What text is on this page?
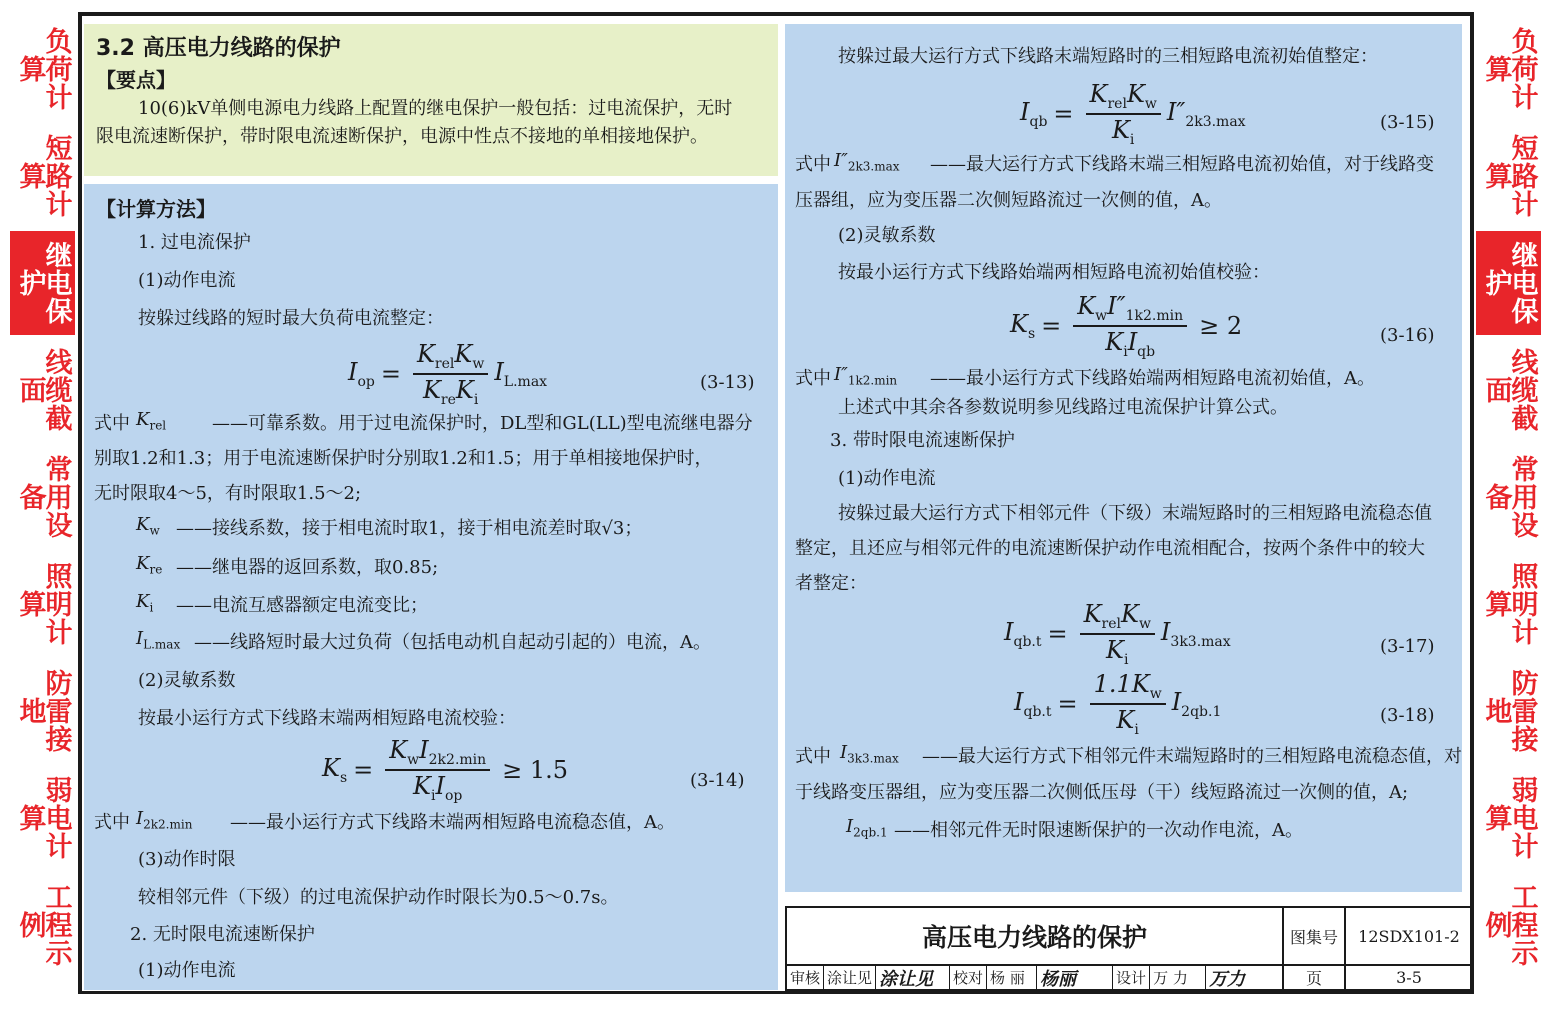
负荷计算
短路计算
继电保护
线缆截面
常用设备
照明计算
防雷接地
弱电计算
工程示例
负荷计算
短路计算
继电保护
线缆截面
常用设备
照明计算
防雷接地
弱电计算
工程示例
3.2 高压电力线路的保护
【要点】
10(6)kV单侧电源电力线路上配置的继电保护一般包括：过电流保护，无时
限电流速断保护，带时限电流速断保护，电源中性点不接地的单相接地保护。
【计算方法】
1. 过电流保护
(1)动作电流
按躲过线路的短时最大负荷电流整定：
$I_{op} = \frac{K_{rel}K_w}{K_{re}K_i} I_{L.max}$	(3-13)
式中 $K_{rel}$	——可靠系数。用于过电流保护时，DL型和GL(LL)型电流继电器分
别取1.2和1.3；用于电流速断保护时分别取1.2和1.5；用于单相接地保护时，
无时限取4～5，有时限取1.5～2;
$K_w$ ——接线系数，接于相电流时取1，接于相电流差时取√3；
$K_{re}$ ——继电器的返回系数，取0.85;
$K_i$ ——电流互感器额定电流变比；
$I_{L.max}$ ——线路短时最大过负荷（包括电动机自起动引起的）电流，A。
(2)灵敏系数
按最小运行方式下线路末端两相短路电流校验：
$K_s = \frac{K_wI_{2k2.min}}{K_iI_{op}} \ge 1.5$	(3-14)
式中 $I_{2k2.min}$ ——最小运行方式下线路末端两相短路电流稳态值，A。
(3)动作时限
较相邻元件（下级）的过电流保护动作时限长为0.5～0.7s。
2. 无时限电流速断保护
(1)动作电流
按躲过最大运行方式下线路末端短路时的三相短路电流初始值整定：
$I_{qb} = \frac{K_{rel}K_w}{K_i} I''_{2k3.max}$	(3-15)
式中 $I''_{2k3.max}$ ——最大运行方式下线路末端三相短路电流初始值，对于线路变
压器组，应为变压器二次侧短路流过一次侧的值，A。
(2)灵敏系数
按最小运行方式下线路始端两相短路电流初始值校验：
$K_s = \frac{K_wI''_{1k2.min}}{K_iI_{qb}} \ge 2$	(3-16)
式中 $I''_{1k2.min}$ ——最小运行方式下线路始端两相短路电流初始值，A。
上述式中其余各参数说明参见线路过电流保护计算公式。
3. 带时限电流速断保护
(1)动作电流
按躲过最大运行方式下相邻元件（下级）末端短路时的三相短路电流稳态值
整定，且还应与相邻元件的电流速断保护动作电流相配合，按两个条件中的较大
者整定：
$I_{qb.t} = \frac{K_{rel}K_w}{K_i} I_{3k3.max}$	(3-17)
$I_{qb.t} = \frac{1.1K_w}{K_i} I_{2qb.1}$	(3-18)
式中 $I_{3k3.max}$ ——最大运行方式下相邻元件末端短路时的三相短路电流稳态值，对
于线路变压器组，应为变压器二次侧低压母（干）线短路流过一次侧的值，A;
$I_{2qb.1}$ ——相邻元件无时限速断保护的一次动作电流，A。
高压电力线路的保护	图集号	12SDX101-2
页	3-5
审核 涂让见 涂让见	校对 杨 丽 杨丽	设计 万 力	万力
